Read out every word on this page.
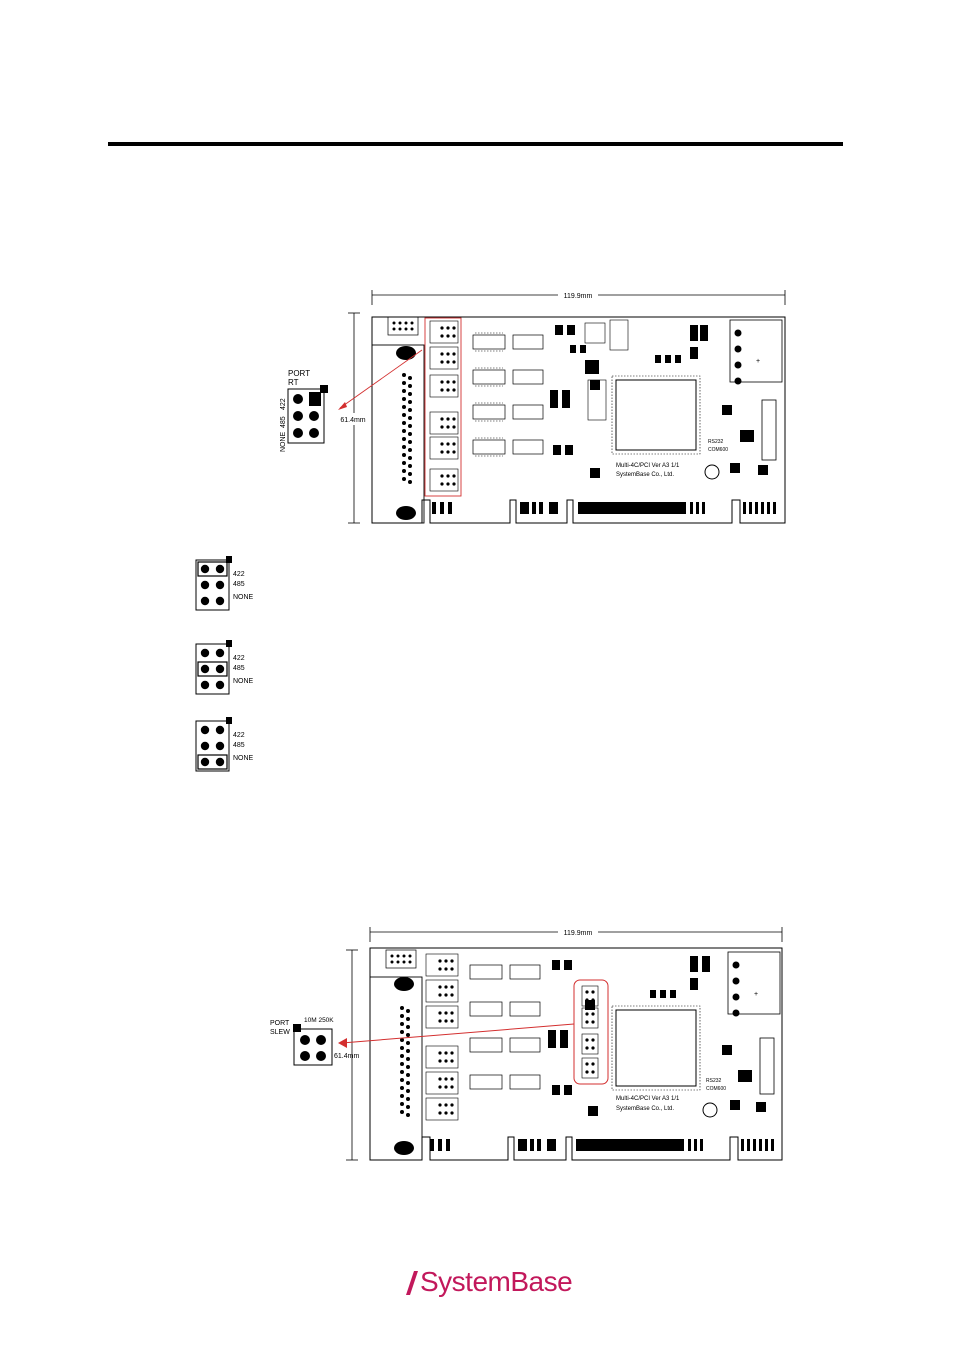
119.9mm
61.4mm
+
Multi-4C/PCI Ver A3 1/1
SystemBase Co., Ltd.
RS232
COM600
PORT
RT
NONE
485
422
422
485
NONE
422
485
NONE
422
485
NONE
119.9mm
+
Multi-4C/PCI Ver A3 1/1
SystemBase Co., Ltd.
RS232
COM600
10M 250K
PORT
SLEW
61.4mm
SystemBase
